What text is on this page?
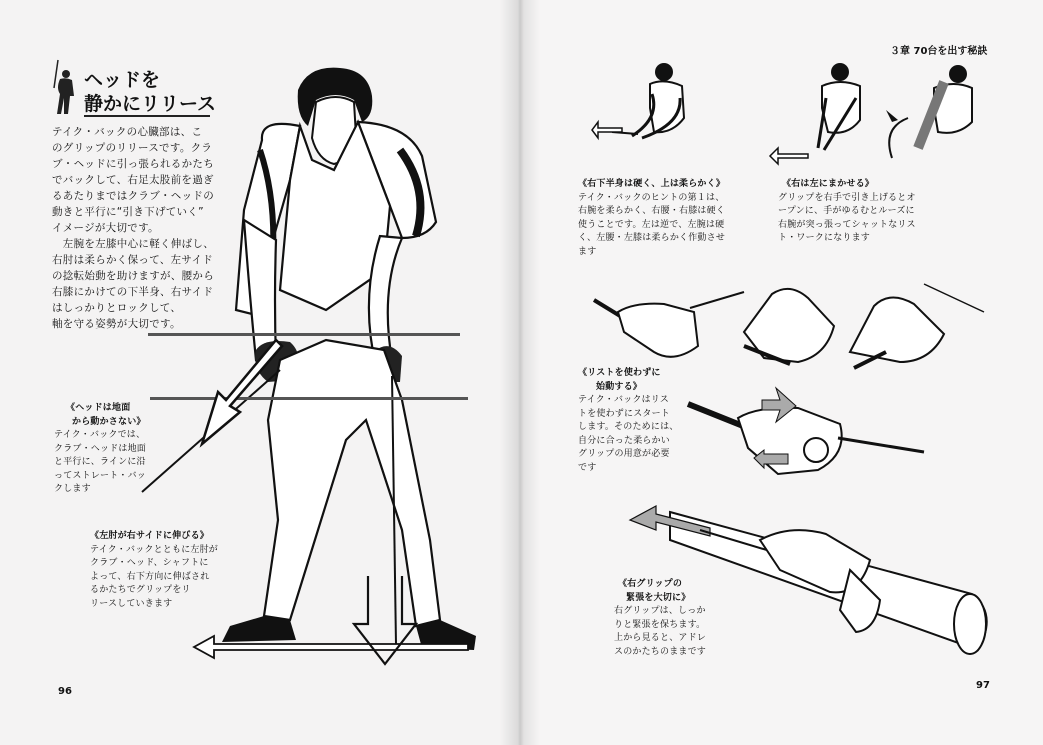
ヘッドを
静かにリリース
テイク・バックの心臓部は、こ
のグリップのリリースです。クラ
ブ・ヘッドに引っ張られるかたち
でバックして、右足太股前を過ぎ
るあたりまではクラブ・ヘッドの
動きと平行に“引き下げていく”
イメージが大切です。
　左腕を左膝中心に軽く伸ばし、
右肘は柔らかく保って、左サイド
の捻転始動を助けますが、腰から
右膝にかけての下半身、右サイド
はしっかりとロックして、
軸を守る姿勢が大切です。
《ヘッドは地面
から動かさない》
テイク・バックでは、
クラブ・ヘッドは地面
と平行に、ラインに沿
ってストレート・バッ
クします
《左肘が右サイドに伸びる》
テイク・バックとともに左肘が
クラブ・ヘッド、シャフトに
よって、右下方向に伸ばされ
るかたちでグリップをリ
リースしていきます
96
３章 70台を出す秘訣
《右下半身は硬く、上は柔らかく》
テイク・バックのヒントの第１は、
右腕を柔らかく、右腰・右膝は硬く
使うことです。左は逆で、左腕は硬
く、左腰・左膝は柔らかく作動させ
ます
《右は左にまかせる》
グリップを右手で引き上げるとオ
ープンに、手がゆるむとルーズに
右腕が突っ張ってシャットなリス
ト・ワークになります
《リストを使わずに
始動する》
テイク・バックはリス
トを使わずにスタート
します。そのためには、
自分に合った柔らかい
グリップの用意が必要
です
《右グリップの
緊張を大切に》
右グリップは、しっか
りと緊張を保ちます。
上から見ると、アドレ
スのかたちのままです
97
